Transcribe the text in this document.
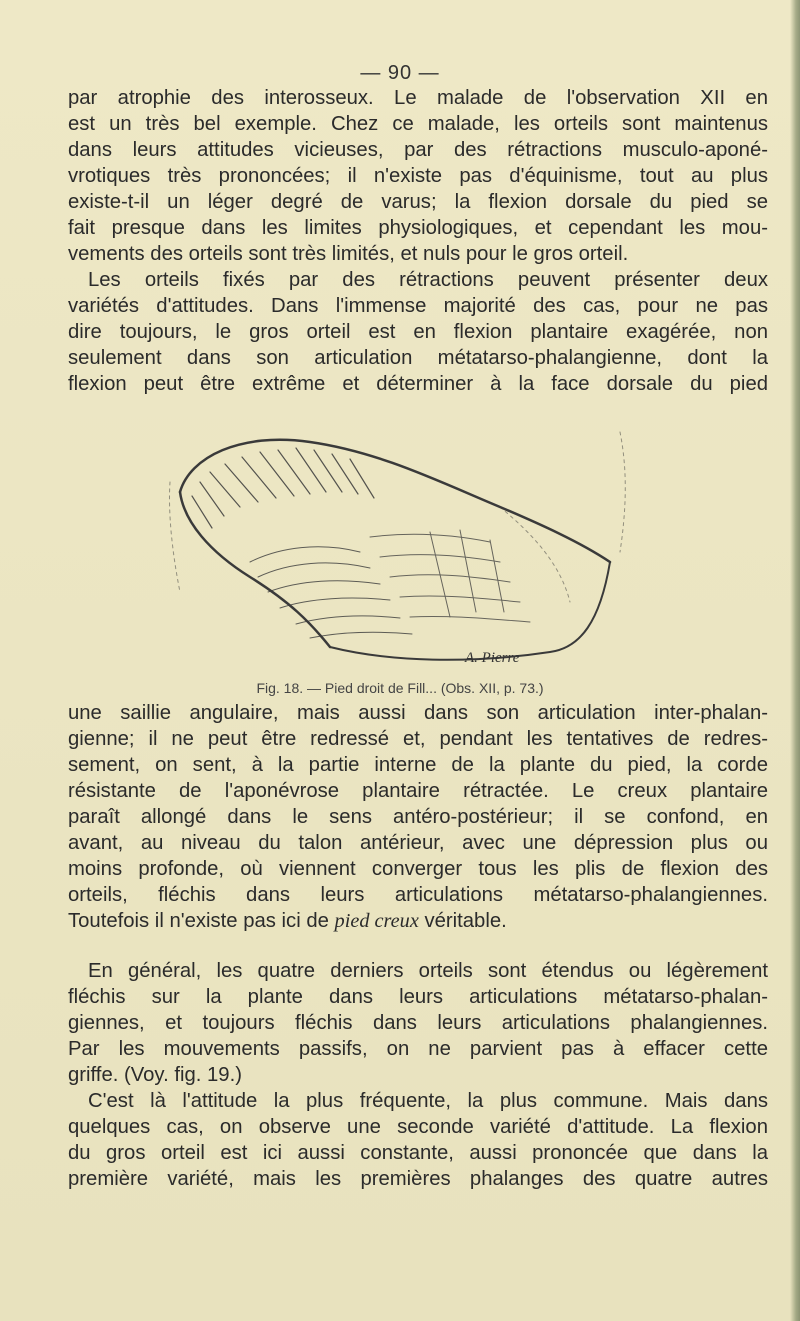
— 90 —

par atrophie des interosseux. Le malade de l'observation XII en
est un très bel exemple. Chez ce malade, les orteils sont maintenus
dans leurs attitudes vicieuses, par des rétractions musculo-aponé-
vrotiques très prononcées; il n'existe pas d'équinisme, tout au plus
existe-t-il un léger degré de varus; la flexion dorsale du pied se
fait presque dans les limites physiologiques, et cependant les mou-
vements des orteils sont très limités, et nuls pour le gros orteil.

Les orteils fixés par des rétractions peuvent présenter deux
variétés d'attitudes. Dans l'immense majorité des cas, pour ne pas
dire toujours, le gros orteil est en flexion plantaire exagérée, non
seulement dans son articulation métatarso-phalangienne, dont la
flexion peut être extrême et déterminer à la face dorsale du pied

A. Pierre
Fig. 18. — Pied droit de Fill... (Obs. XII, p. 73.)

une saillie angulaire, mais aussi dans son articulation inter-phalan-
gienne; il ne peut être redressé et, pendant les tentatives de redres-
sement, on sent, à la partie interne de la plante du pied, la corde
résistante de l'aponévrose plantaire rétractée. Le creux plantaire
paraît allongé dans le sens antéro-postérieur; il se confond, en
avant, au niveau du talon antérieur, avec une dépression plus ou
moins profonde, où viennent converger tous les plis de flexion des
orteils, fléchis dans leurs articulations métatarso-phalangiennes.
Toutefois il n'existe pas ici de pied creux véritable.

En général, les quatre derniers orteils sont étendus ou légèrement
fléchis sur la plante dans leurs articulations métatarso-phalan-
giennes, et toujours fléchis dans leurs articulations phalangiennes.
Par les mouvements passifs, on ne parvient pas à effacer cette
griffe. (Voy. fig. 19.)

C'est là l'attitude la plus fréquente, la plus commune. Mais dans
quelques cas, on observe une seconde variété d'attitude. La flexion
du gros orteil est ici aussi constante, aussi prononcée que dans la
première variété, mais les premières phalanges des quatre autres
